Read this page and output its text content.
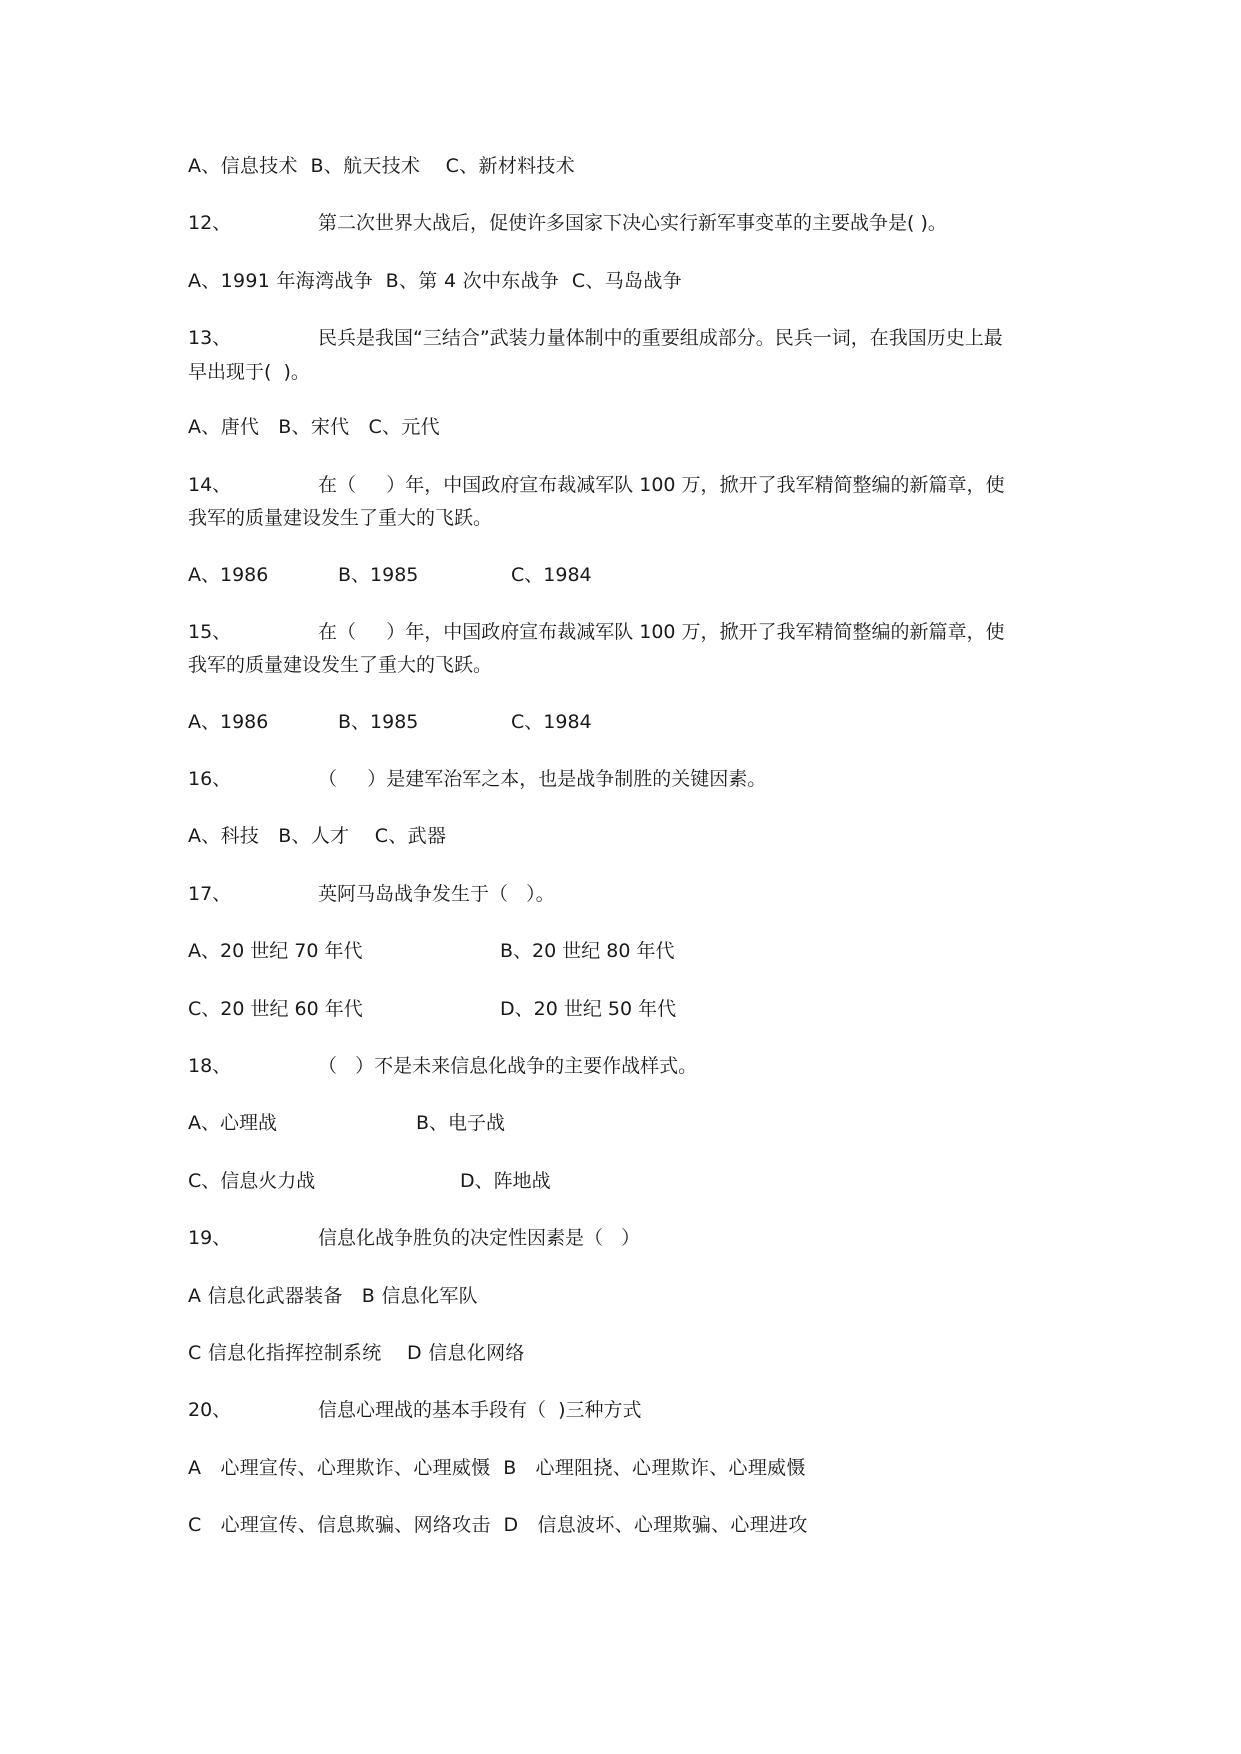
A、信息技术  B、航天技术    C、新材料技术
12、	第二次世界大战后，促使许多国家下决心实行新军事变革的主要战争是( )。
A、1991 年海湾战争  B、第 4 次中东战争  C、马岛战争
13、	民兵是我国“三结合”武装力量体制中的重要组成部分。民兵一词，在我国历史上最
早出现于(  )。
A、唐代   B、宋代   C、元代
14、	在（     ）年，中国政府宣布裁减军队 100 万，掀开了我军精简整编的新篇章，使
我军的质量建设发生了重大的飞跃。
A、1986	B、1985	C、1984
15、	在（     ）年，中国政府宣布裁减军队 100 万，掀开了我军精简整编的新篇章，使
我军的质量建设发生了重大的飞跃。
A、1986	B、1985	C、1984
16、	（     ）是建军治军之本，也是战争制胜的关键因素。
A、科技   B、人才    C、武器
17、	英阿马岛战争发生于（   ）。
A、20 世纪 70 年代	B、20 世纪 80 年代
C、20 世纪 60 年代	D、20 世纪 50 年代
18、	（   ）不是未来信息化战争的主要作战样式。
A、心理战	B、电子战
C、信息火力战	D、阵地战
19、	信息化战争胜负的决定性因素是（   ）
A 信息化武器装备   B 信息化军队
C 信息化指挥控制系统    D 信息化网络
20、	信息心理战的基本手段有（  )三种方式
A   心理宣传、心理欺诈、心理威慑  B   心理阻挠、心理欺诈、心理威慑
C   心理宣传、信息欺骗、网络攻击  D   信息波坏、心理欺骗、心理进攻
